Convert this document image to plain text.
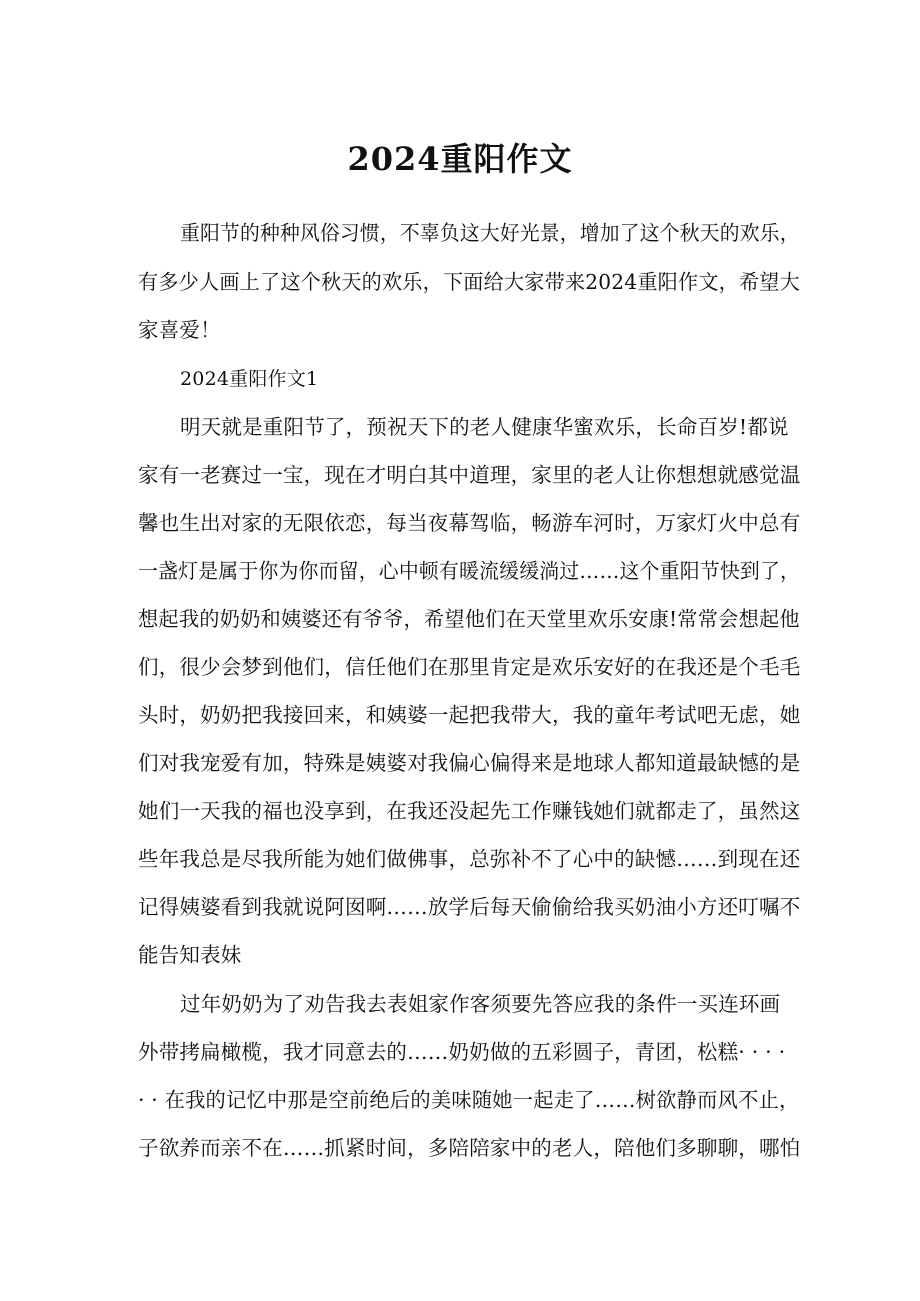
2024重阳作文
重阳节的种种风俗习惯，不辜负这大好光景，增加了这个秋天的欢乐，
有多少人画上了这个秋天的欢乐，下面给大家带来2024重阳作文，希望大
家喜爱！
2024重阳作文1
明天就是重阳节了，预祝天下的老人健康华蜜欢乐，长命百岁!都说
家有一老赛过一宝，现在才明白其中道理，家里的老人让你想想就感觉温
馨也生出对家的无限依恋，每当夜幕驾临，畅游车河时，万家灯火中总有
一盏灯是属于你为你而留，心中顿有暖流缓缓淌过……这个重阳节快到了，
想起我的奶奶和姨婆还有爷爷，希望他们在天堂里欢乐安康!常常会想起他
们，很少会梦到他们，信任他们在那里肯定是欢乐安好的在我还是个毛毛
头时，奶奶把我接回来，和姨婆一起把我带大，我的童年考试吧无虑，她
们对我宠爱有加，特殊是姨婆对我偏心偏得来是地球人都知道最缺憾的是
她们一天我的福也没享到，在我还没起先工作赚钱她们就都走了，虽然这
些年我总是尽我所能为她们做佛事，总弥补不了心中的缺憾……到现在还
记得姨婆看到我就说阿囡啊……放学后每天偷偷给我买奶油小方还叮嘱不
能告知表妹
过年奶奶为了劝告我去表姐家作客须要先答应我的条件一买连环画
外带拷扁橄榄，我才同意去的……奶奶做的五彩圆子，青团，松糕· · · ·
· · 在我的记忆中那是空前绝后的美味随她一起走了……树欲静而风不止，
子欲养而亲不在……抓紧时间，多陪陪家中的老人，陪他们多聊聊，哪怕
